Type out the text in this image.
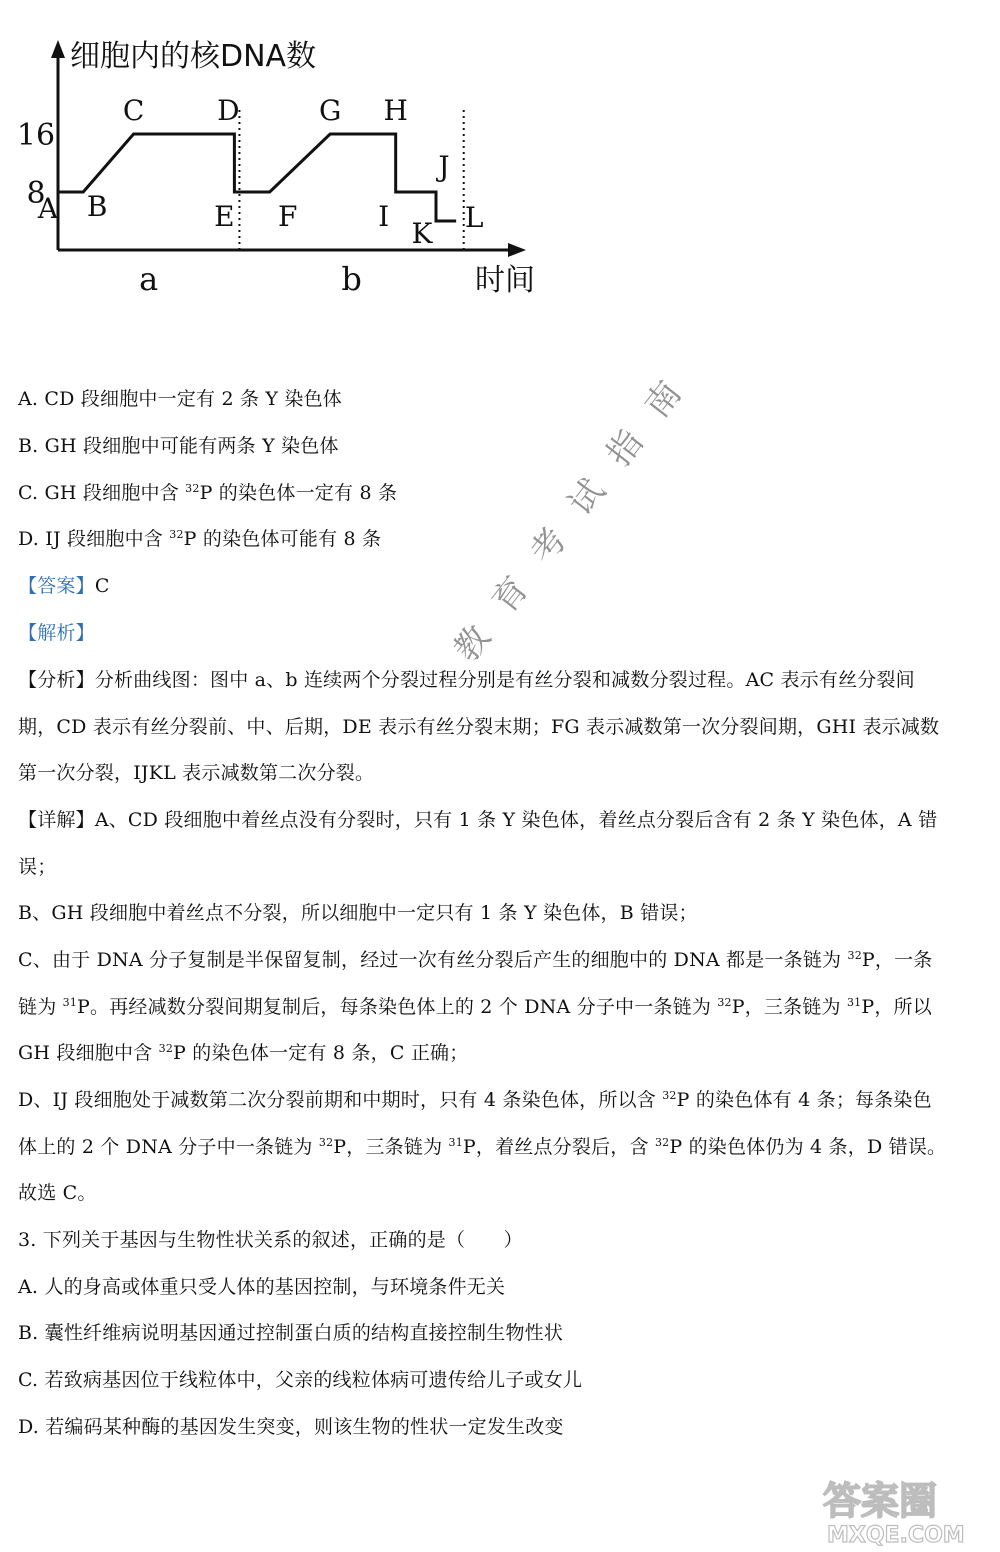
细胞内的核DNA数
时间
8
16
a	b
A B
C	D
E F
G H
I
J
K L
A. CD 段细胞中一定有 2 条 Y 染色体
B. GH 段细胞中可能有两条 Y 染色体
C. GH 段细胞中含 $^{32}$P 的染色体一定有 8 条
D. IJ 段细胞中含 $^{32}$P 的染色体可能有 8 条
【答案】C
【解析】
【分析】分析曲线图：图中 a、b 连续两个分裂过程分别是有丝分裂和减数分裂过程。AC 表示有丝分裂间
期，CD 表示有丝分裂前、中、后期，DE 表示有丝分裂末期；FG 表示减数第一次分裂间期，GHI 表示减数
第一次分裂，IJKL 表示减数第二次分裂。
【详解】A、CD 段细胞中着丝点没有分裂时，只有 1 条 Y 染色体，着丝点分裂后含有 2 条 Y 染色体，A 错
误；
B、GH 段细胞中着丝点不分裂，所以细胞中一定只有 1 条 Y 染色体，B 错误；
C、由于 DNA 分子复制是半保留复制，经过一次有丝分裂后产生的细胞中的 DNA 都是一条链为 $^{32}$P，一条
链为 $^{31}$P。再经减数分裂间期复制后，每条染色体上的 2 个 DNA 分子中一条链为 $^{32}$P，三条链为 $^{31}$P，所以
GH 段细胞中含 $^{32}$P 的染色体一定有 8 条，C 正确；
D、IJ 段细胞处于减数第二次分裂前期和中期时，只有 4 条染色体，所以含 $^{32}$P 的染色体有 4 条；每条染色
体上的 2 个 DNA 分子中一条链为 $^{32}$P，三条链为 $^{31}$P，着丝点分裂后，含 $^{32}$P 的染色体仍为 4 条，D 错误。
故选 C。
3. 下列关于基因与生物性状关系的叙述，正确的是（　　）
A. 人的身高或体重只受人体的基因控制，与环境条件无关
B. 囊性纤维病说明基因通过控制蛋白质的结构直接控制生物性状
C. 若致病基因位于线粒体中，父亲的线粒体病可遗传给儿子或女儿
D. 若编码某种酶的基因发生突变，则该生物的性状一定发生改变
教育考试指南
答案圈
MXQE.COM
